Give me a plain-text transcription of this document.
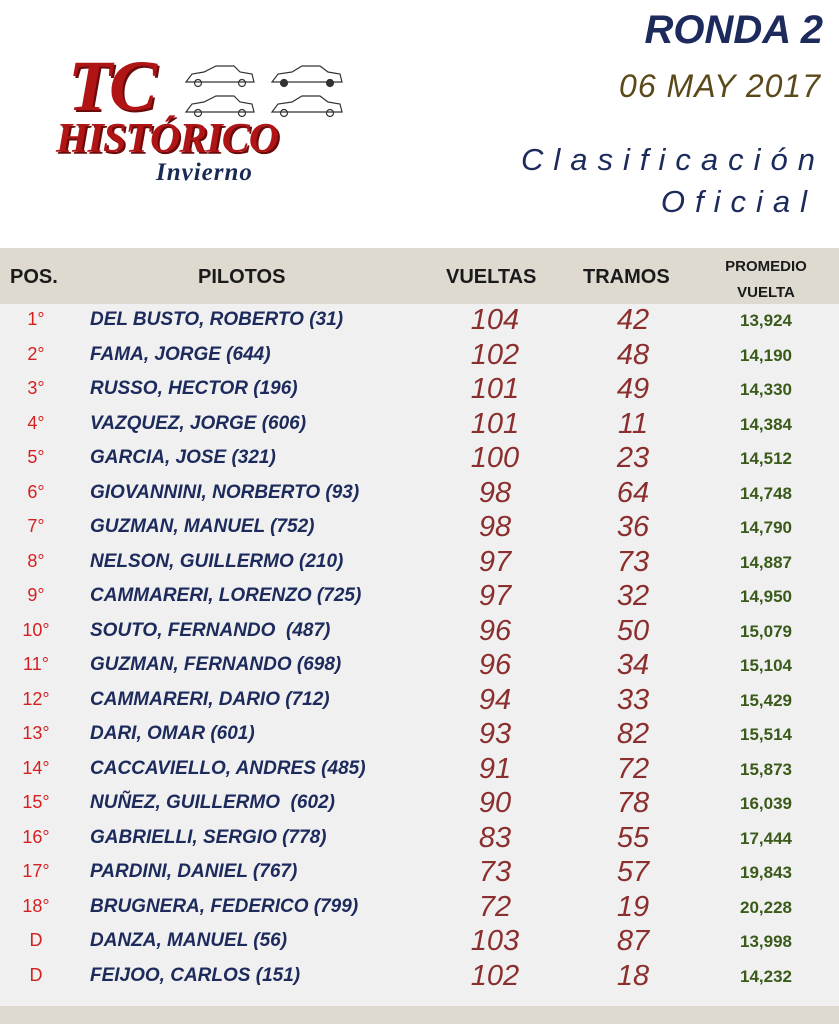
TC
HISTÓRICO
Invierno
RONDA 2
06 MAY 2017
Clasificación
Oficial
POS.	PILOTOS	VUELTAS TRAMOS	PROMEDIO
VUELTA
1°	DEL BUSTO, ROBERTO (31)	104	42	13,924
2°	FAMA, JORGE (644)	102	48	14,190
3°	RUSSO, HECTOR (196)	101	49	14,330
4°	VAZQUEZ, JORGE (606)	101	11	14,384
5°	GARCIA, JOSE (321)	100	23	14,512
6°	GIOVANNINI, NORBERTO (93)	98	64	14,748
7°	GUZMAN, MANUEL (752)	98	36	14,790
8°	NELSON, GUILLERMO (210)	97	73	14,887
9°	CAMMARERI, LORENZO (725)	97	32	14,950
10°	SOUTO, FERNANDO  (487)	96	50	15,079
11°	GUZMAN, FERNANDO (698)	96	34	15,104
12°	CAMMARERI, DARIO (712)	94	33	15,429
13°	DARI, OMAR (601)	93	82	15,514
14°	CACCAVIELLO, ANDRES (485)	91	72	15,873
15°	NUÑEZ, GUILLERMO  (602)	90	78	16,039
16°	GABRIELLI, SERGIO (778)	83	55	17,444
17°	PARDINI, DANIEL (767)	73	57	19,843
18°	BRUGNERA, FEDERICO (799)	72	19	20,228
D	DANZA, MANUEL (56)	103	87	13,998
D	FEIJOO, CARLOS (151)	102	18	14,232
